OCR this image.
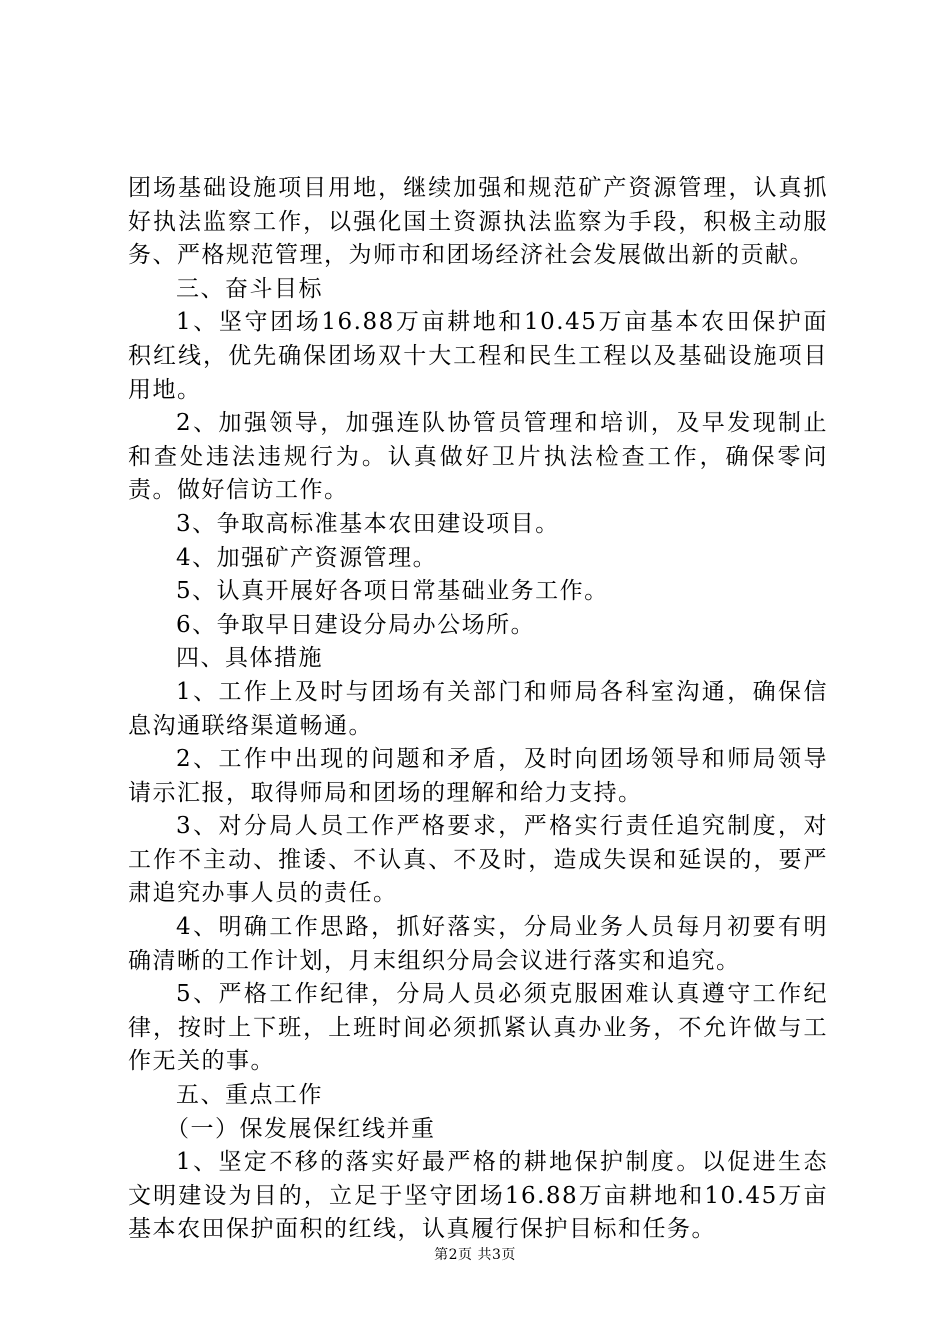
团场基础设施项目用地，继续加强和规范矿产资源管理，认真抓好执法监察工作，以强化国土资源执法监察为手段，积极主动服务、严格规范管理，为师市和团场经济社会发展做出新的贡献。

三、奋斗目标

1、坚守团场16.88万亩耕地和10.45万亩基本农田保护面积红线，优先确保团场双十大工程和民生工程以及基础设施项目用地。

2、加强领导，加强连队协管员管理和培训，及早发现制止和查处违法违规行为。认真做好卫片执法检查工作，确保零问责。做好信访工作。

3、争取高标准基本农田建设项目。

4、加强矿产资源管理。

5、认真开展好各项日常基础业务工作。

6、争取早日建设分局办公场所。

四、具体措施

1、工作上及时与团场有关部门和师局各科室沟通，确保信息沟通联络渠道畅通。

2、工作中出现的问题和矛盾，及时向团场领导和师局领导请示汇报，取得师局和团场的理解和给力支持。

3、对分局人员工作严格要求，严格实行责任追究制度，对工作不主动、推诿、不认真、不及时，造成失误和延误的，要严肃追究办事人员的责任。

4、明确工作思路，抓好落实，分局业务人员每月初要有明确清晰的工作计划，月末组织分局会议进行落实和追究。

5、严格工作纪律，分局人员必须克服困难认真遵守工作纪律，按时上下班，上班时间必须抓紧认真办业务，不允许做与工作无关的事。

五、重点工作

（一）保发展保红线并重

1、坚定不移的落实好最严格的耕地保护制度。以促进生态文明建设为目的，立足于坚守团场16.88万亩耕地和10.45万亩基本农田保护面积的红线，认真履行保护目标和任务。

第2页 共3页
